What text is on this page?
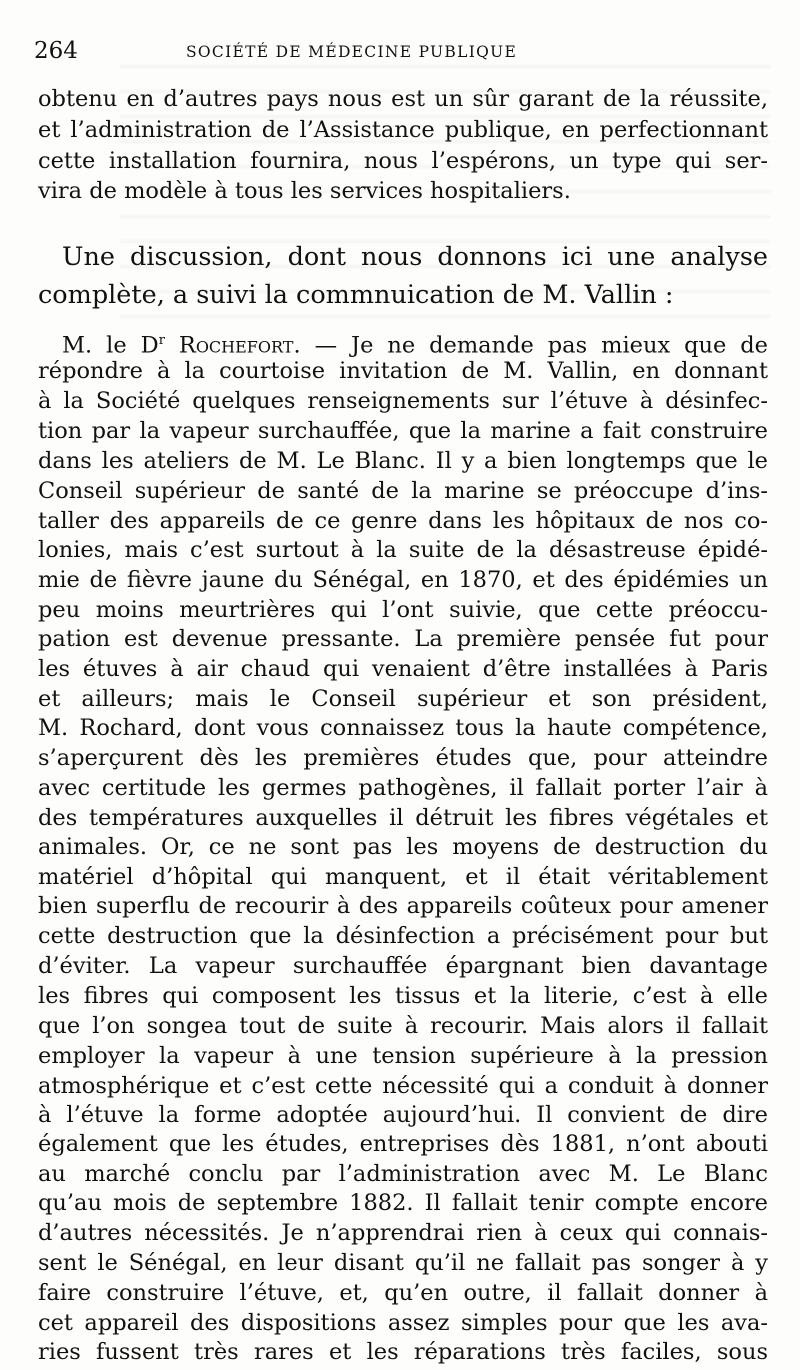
264	SOCIÉTÉ DE MÉDECINE PUBLIQUE
obtenu en d’autres pays nous est un sûr garant de la réussite,
et l’administration de l’Assistance publique, en perfectionnant
cette installation fournira, nous l’espérons, un type qui ser-
vira de modèle à tous les services hospitaliers.
Une discussion, dont nous donnons ici une analyse
complète, a suivi la commnuication de M. Vallin :
M. le $D^r$ Rochefort. — Je ne demande pas mieux que de
répondre à la courtoise invitation de M. Vallin, en donnant
à la Société quelques renseignements sur l’étuve à désinfec-
tion par la vapeur surchauffée, que la marine a fait construire
dans les ateliers de M. Le Blanc. Il y a bien longtemps que le
Conseil supérieur de santé de la marine se préoccupe d’ins-
taller des appareils de ce genre dans les hôpitaux de nos co-
lonies, mais c’est surtout à la suite de la désastreuse épidé-
mie de fièvre jaune du Sénégal, en 1870, et des épidémies un
peu moins meurtrières qui l’ont suivie, que cette préoccu-
pation est devenue pressante. La première pensée fut pour
les étuves à air chaud qui venaient d’être installées à Paris
et ailleurs; mais le Conseil supérieur et son président,
M. Rochard, dont vous connaissez tous la haute compétence,
s’aperçurent dès les premières études que, pour atteindre
avec certitude les germes pathogènes, il fallait porter l’air à
des températures auxquelles il détruit les fibres végétales et
animales. Or, ce ne sont pas les moyens de destruction du
matériel d’hôpital qui manquent, et il était véritablement
bien superflu de recourir à des appareils coûteux pour amener
cette destruction que la désinfection a précisément pour but
d’éviter. La vapeur surchauffée épargnant bien davantage
les fibres qui composent les tissus et la literie, c’est à elle
que l’on songea tout de suite à recourir. Mais alors il fallait
employer la vapeur à une tension supérieure à la pression
atmosphérique et c’est cette nécessité qui a conduit à donner
à l’étuve la forme adoptée aujourd’hui. Il convient de dire
également que les études, entreprises dès 1881, n’ont abouti
au marché conclu par l’administration avec M. Le Blanc
qu’au mois de septembre 1882. Il fallait tenir compte encore
d’autres nécessités. Je n’apprendrai rien à ceux qui connais-
sent le Sénégal, en leur disant qu’il ne fallait pas songer à y
faire construire l’étuve, et, qu’en outre, il fallait donner à
cet appareil des dispositions assez simples pour que les ava-
ries fussent très rares et les réparations très faciles, sous
